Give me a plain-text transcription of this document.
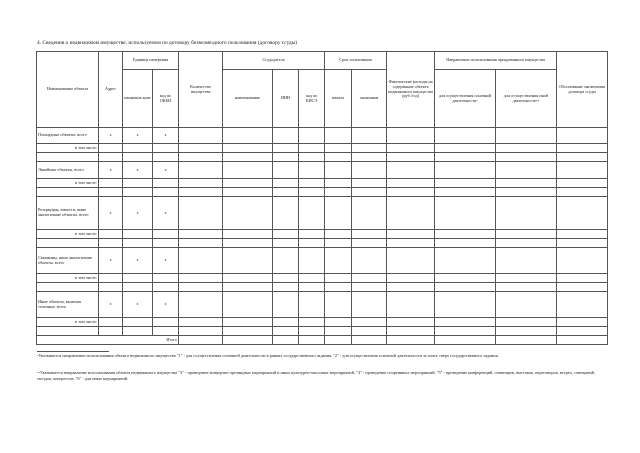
4. Сведения о недвижимом имуществе, используемом по договору безвозмездного пользования (договору ссуды)
Наименование объекта	Адрес	Единица измерения		Количество имущества	Ссудодатель			Срок пользования		Фактические расходы на содержание объекта недвижимого имущества (руб./год)	Направление использования арендованного имущества		Обоснование заключения договора ссуды
		наименов ание	код по ОКЕИ		наименование	ИНН	код по КИСЭ	начала	окончания		для осуществления основной деятельности*	для осуществления иной деятельности**
Площадные объекты, всего	x	x	x										
в том числе:													

Линейные объекты, всего	x	x	x										
в том числе:													

Резервуары, емкости, иные аналогичные объекты, всего	x	x	x										
в том числе:													

Скважины, иные аналогичные объекты, всего	x	x	x										
в том числе:													

Иные объекты, включая точечные, всего	x	x	x										
в том числе:													

Итого													
*Указывается направление использования объекта недвижимого имущества "1" - для осуществления основной деятельности в рамках государственного задания, "2" - для осуществления основной деятельности за плату сверх государственного задания.
**Указывается направление использования объекта недвижимого имущества "3" - проведение концертно-зрелищных мероприятий и иных культурно-массовых мероприятий, "4" - проведение спортивных мероприятий, "5" - проведение конференций, семинаров, выставок, переговоров, встреч, совещаний, съездов, конгрессов, "6" - для иных мероприятий.
